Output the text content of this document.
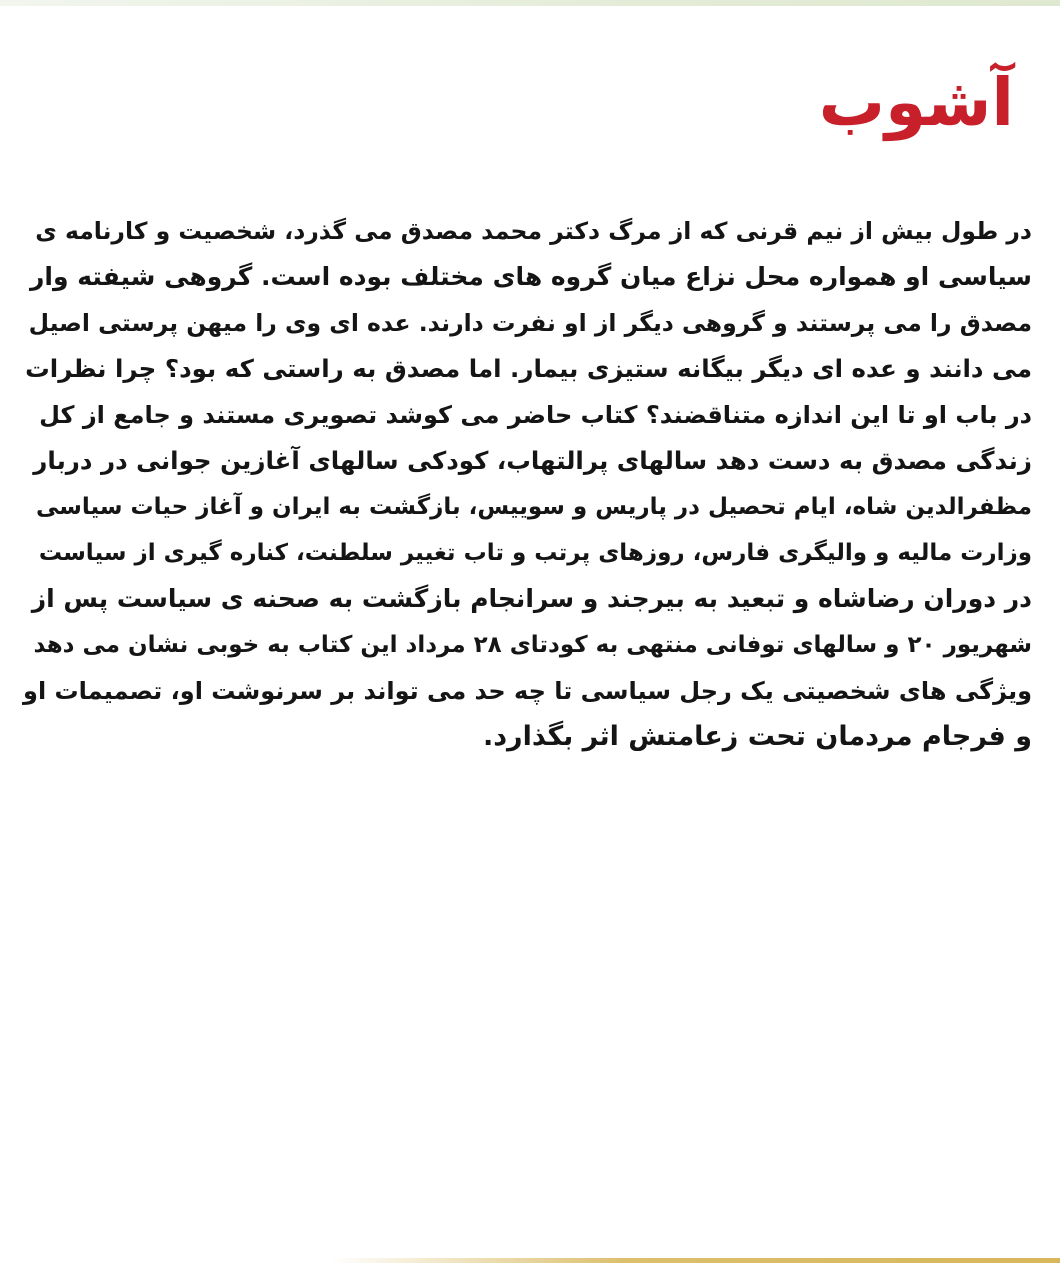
آشوب
در طول بیش از نیم قرنی که از مرگ دکتر محمد مصدق می گذرد، شخصیت و کارنامه ی
سیاسی او همواره محل نزاع میان گروه های مختلف بوده است. گروهی شیفته وار
مصدق را می پرستند و گروهی دیگر از او نفرت دارند. عده ای وی را میهن پرستی اصیل
می دانند و عده ای دیگر بیگانه ستیزی بیمار. اما مصدق به راستی که بود؟ چرا نظرات
در باب او تا این اندازه متناقضند؟ کتاب حاضر می کوشد تصویری مستند و جامع از کل
زندگی مصدق به دست دهد سالهای پرالتهاب، کودکی سالهای آغازین جوانی در دربار
مظفرالدین شاه، ایام تحصیل در پاریس و سوییس، بازگشت به ایران و آغاز حیات سیاسی
وزارت مالیه و والیگری فارس، روزهای پرتب و تاب تغییر سلطنت، کناره گیری از سیاست
در دوران رضاشاه و تبعید به بیرجند و سرانجام بازگشت به صحنه ی سیاست پس از
شهریور ۲۰ و سالهای توفانی منتهی به کودتای ۲۸ مرداد این کتاب به خوبی نشان می دهد
ویژگی های شخصیتی یک رجل سیاسی تا چه حد می تواند بر سرنوشت او، تصمیمات او
و فرجام مردمان تحت زعامتش اثر بگذارد.
